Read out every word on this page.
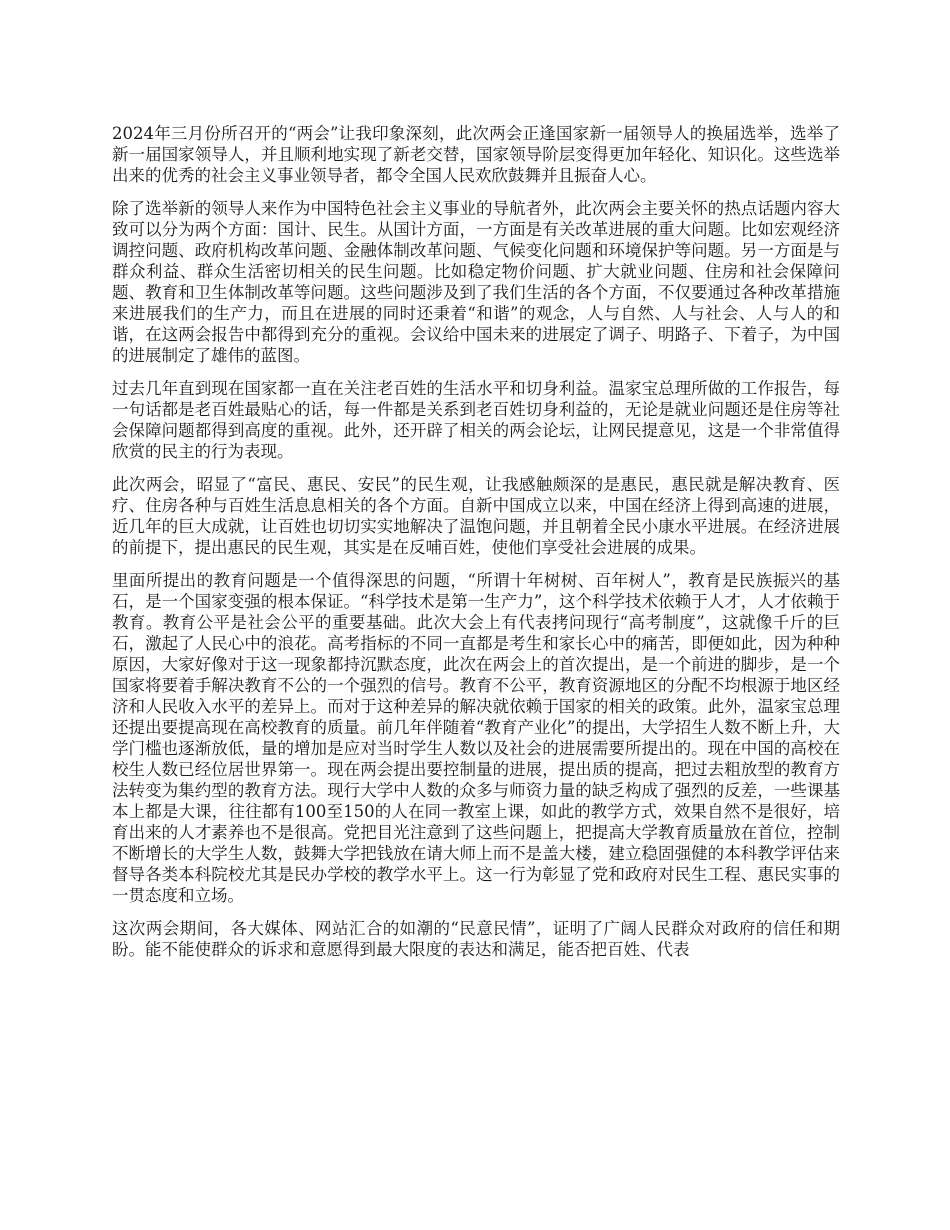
2024年三月份所召开的“两会”让我印象深刻，此次两会正逢国家新一届领导人的换届选举，选举了新一届国家领导人，并且顺利地实现了新老交替，国家领导阶层变得更加年轻化、知识化。这些选举出来的优秀的社会主义事业领导者，都令全国人民欢欣鼓舞并且振奋人心。

除了选举新的领导人来作为中国特色社会主义事业的导航者外，此次两会主要关怀的热点话题内容大致可以分为两个方面：国计、民生。从国计方面，一方面是有关改革进展的重大问题。比如宏观经济调控问题、政府机构改革问题、金融体制改革问题、气候变化问题和环境保护等问题。另一方面是与群众利益、群众生活密切相关的民生问题。比如稳定物价问题、扩大就业问题、住房和社会保障问题、教育和卫生体制改革等问题。这些问题涉及到了我们生活的各个方面，不仅要通过各种改革措施来进展我们的生产力，而且在进展的同时还秉着“和谐”的观念，人与自然、人与社会、人与人的和谐，在这两会报告中都得到充分的重视。会议给中国未来的进展定了调子、明路子、下着子，为中国的进展制定了雄伟的蓝图。

过去几年直到现在国家都一直在关注老百姓的生活水平和切身利益。温家宝总理所做的工作报告，每一句话都是老百姓最贴心的话，每一件都是关系到老百姓切身利益的，无论是就业问题还是住房等社会保障问题都得到高度的重视。此外，还开辟了相关的两会论坛，让网民提意见，这是一个非常值得欣赏的民主的行为表现。

此次两会，昭显了“富民、惠民、安民”的民生观，让我感触颇深的是惠民，惠民就是解决教育、医疗、住房各种与百姓生活息息相关的各个方面。自新中国成立以来，中国在经济上得到高速的进展，近几年的巨大成就，让百姓也切切实实地解决了温饱问题，并且朝着全民小康水平进展。在经济进展的前提下，提出惠民的民生观，其实是在反哺百姓，使他们享受社会进展的成果。

里面所提出的教育问题是一个值得深思的问题，“所谓十年树树、百年树人”，教育是民族振兴的基石，是一个国家变强的根本保证。“科学技术是第一生产力”，这个科学技术依赖于人才，人才依赖于教育。教育公平是社会公平的重要基础。此次大会上有代表拷问现行“高考制度”，这就像千斤的巨石，激起了人民心中的浪花。高考指标的不同一直都是考生和家长心中的痛苦，即便如此，因为种种原因，大家好像对于这一现象都持沉默态度，此次在两会上的首次提出，是一个前进的脚步，是一个国家将要着手解决教育不公的一个强烈的信号。教育不公平，教育资源地区的分配不均根源于地区经济和人民收入水平的差异上。而对于这种差异的解决就依赖于国家的相关的政策。此外，温家宝总理还提出要提高现在高校教育的质量。前几年伴随着“教育产业化”的提出，大学招生人数不断上升，大学门槛也逐渐放低，量的增加是应对当时学生人数以及社会的进展需要所提出的。现在中国的高校在校生人数已经位居世界第一。现在两会提出要控制量的进展，提出质的提高，把过去粗放型的教育方法转变为集约型的教育方法。现行大学中人数的众多与师资力量的缺乏构成了强烈的反差，一些课基本上都是大课，往往都有100至150的人在同一教室上课，如此的教学方式，效果自然不是很好，培育出来的人才素养也不是很高。党把目光注意到了这些问题上，把提高大学教育质量放在首位，控制不断增长的大学生人数，鼓舞大学把钱放在请大师上而不是盖大楼，建立稳固强健的本科教学评估来督导各类本科院校尤其是民办学校的教学水平上。这一行为彰显了党和政府对民生工程、惠民实事的一贯态度和立场。

这次两会期间，各大媒体、网站汇合的如潮的“民意民情”，证明了广阔人民群众对政府的信任和期盼。能不能使群众的诉求和意愿得到最大限度的表达和满足，能否把百姓、代表
